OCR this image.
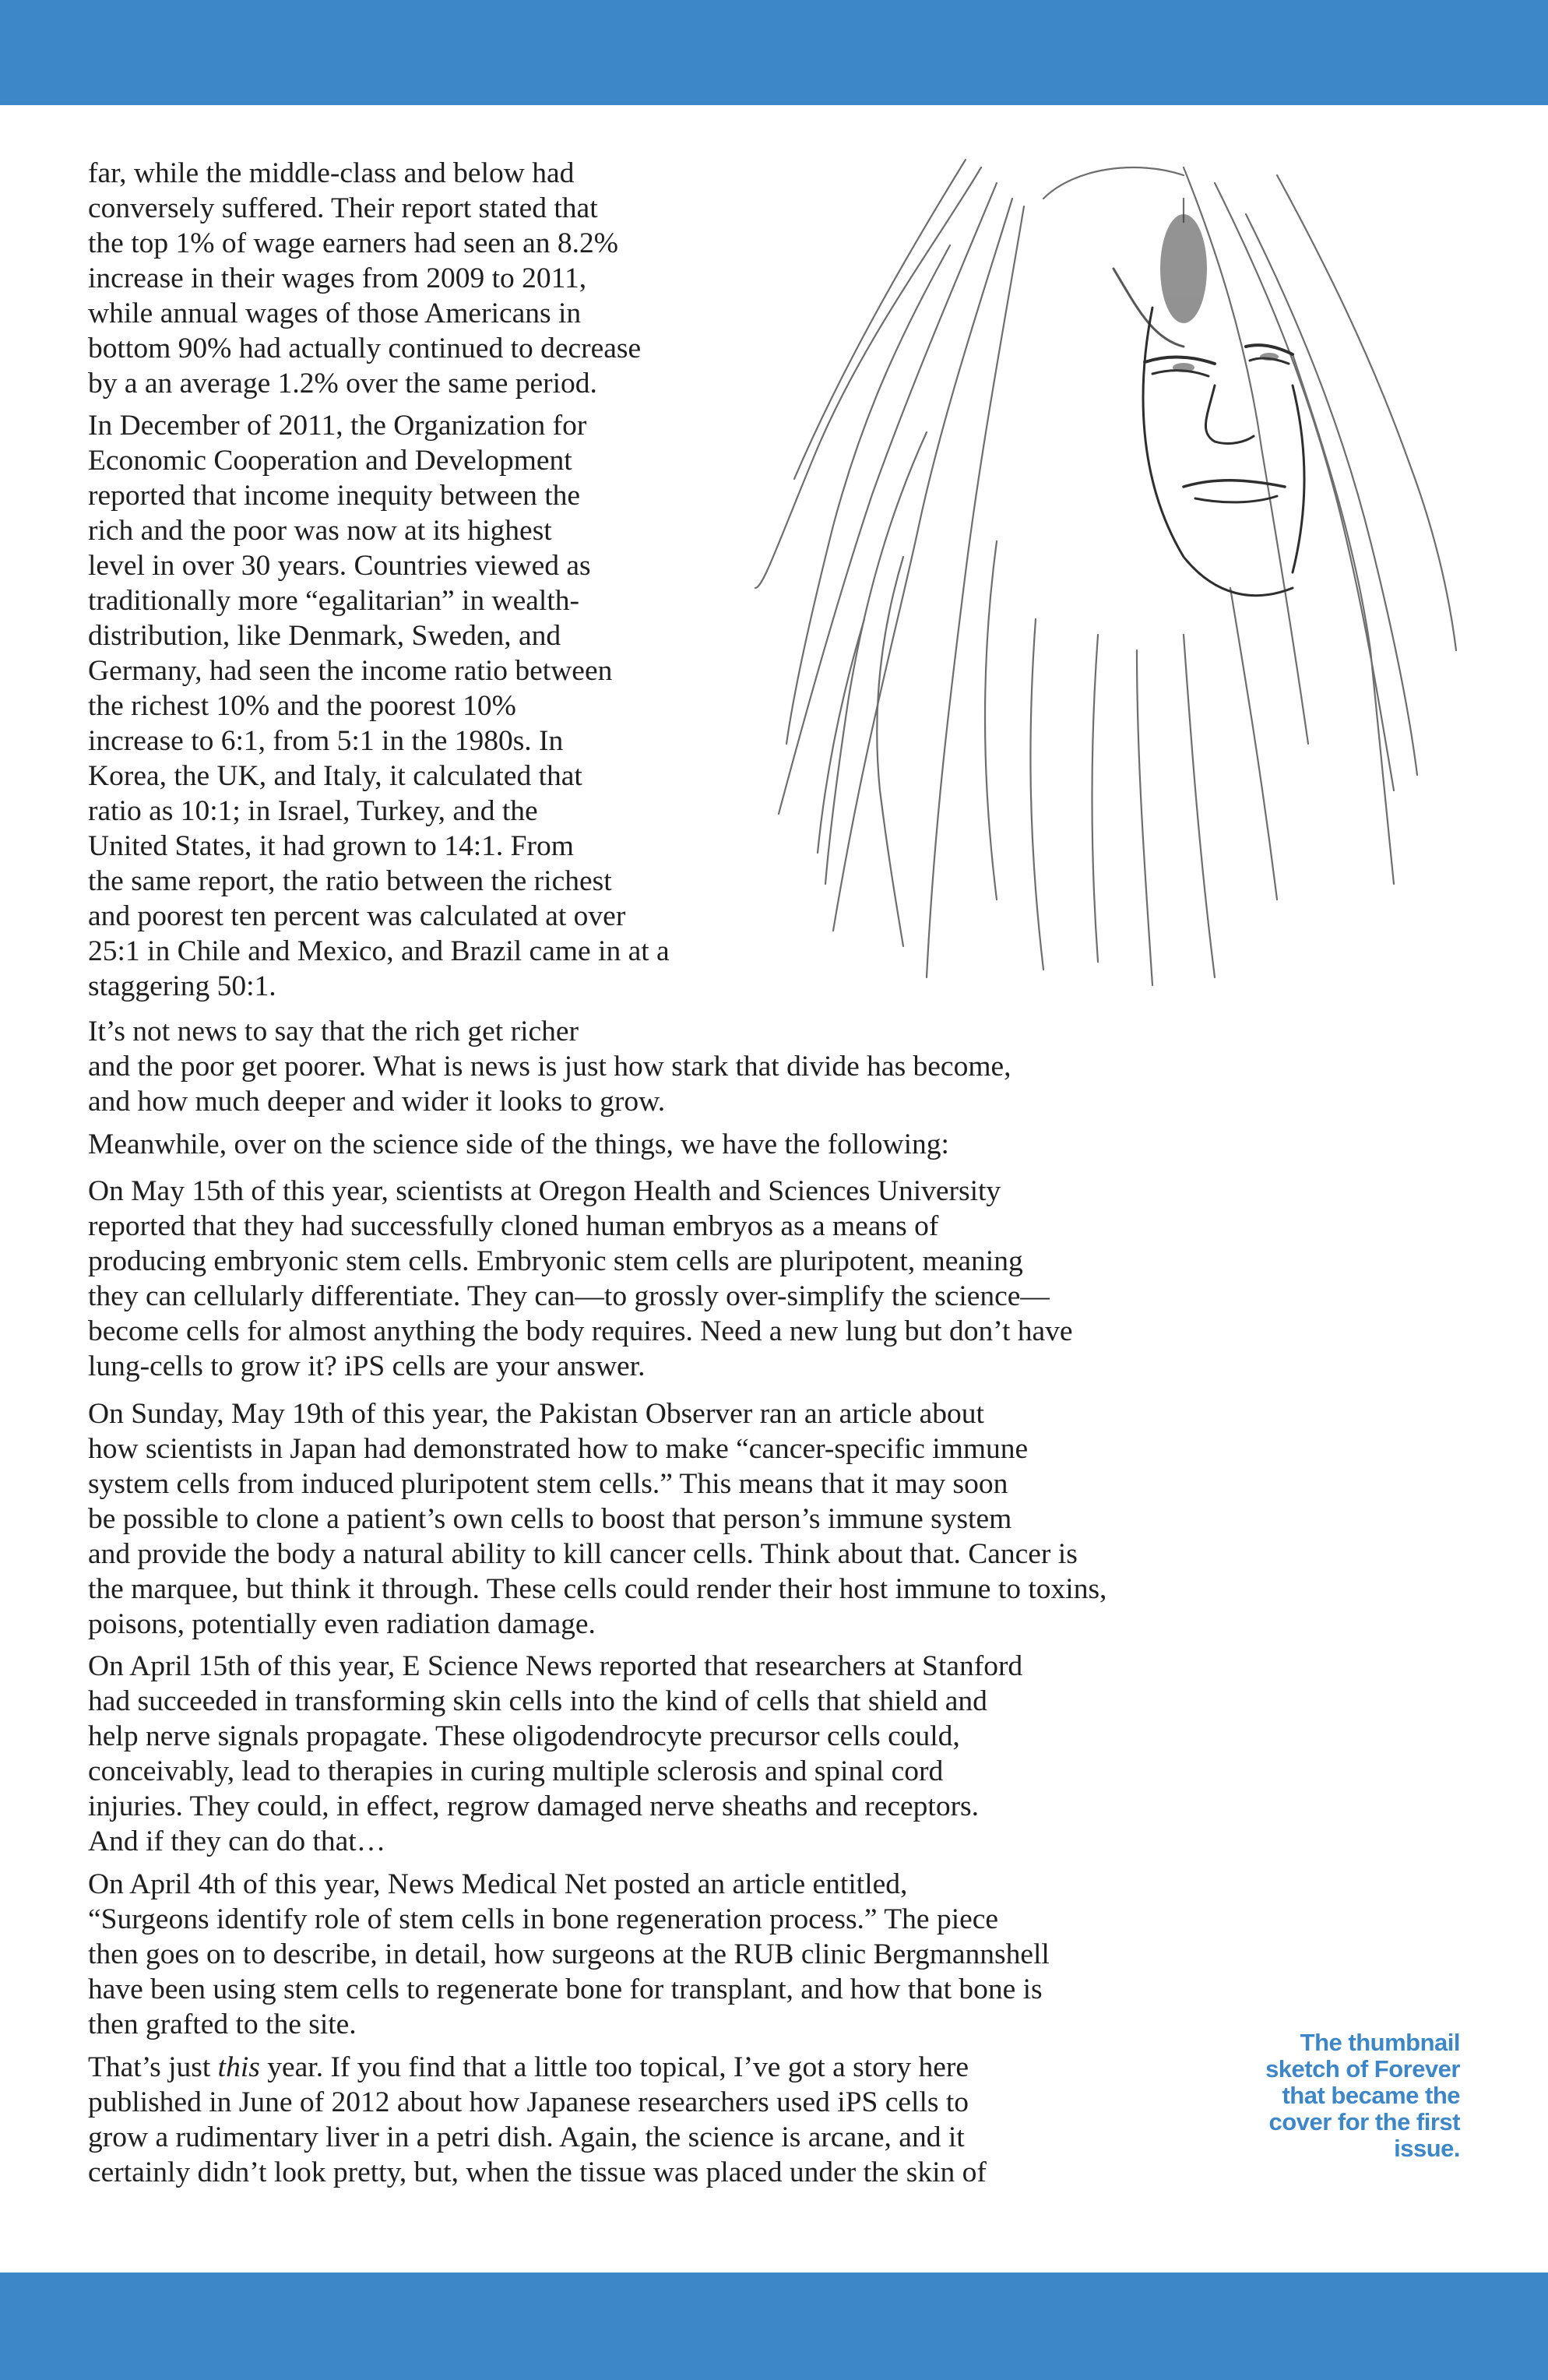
far, while the middle-class and below had
conversely suffered. Their report stated that
the top 1% of wage earners had seen an 8.2%
increase in their wages from 2009 to 2011,
while annual wages of those Americans in
bottom 90% had actually continued to decrease
by a an average 1.2% over the same period.
In December of 2011, the Organization for
Economic Cooperation and Development
reported that income inequity between the
rich and the poor was now at its highest
level in over 30 years. Countries viewed as
traditionally more “egalitarian” in wealth-
distribution, like Denmark, Sweden, and
Germany, had seen the income ratio between
the richest 10% and the poorest 10%
increase to 6:1, from 5:1 in the 1980s. In
Korea, the UK, and Italy, it calculated that
ratio as 10:1; in Israel, Turkey, and the
United States, it had grown to 14:1. From
the same report, the ratio between the richest
and poorest ten percent was calculated at over
25:1 in Chile and Mexico, and Brazil came in at a
staggering 50:1.
It’s not news to say that the rich get richer
and the poor get poorer. What is news is just how stark that divide has become,
and how much deeper and wider it looks to grow.
Meanwhile, over on the science side of the things, we have the following:
On May 15th of this year, scientists at Oregon Health and Sciences University
reported that they had successfully cloned human embryos as a means of
producing embryonic stem cells. Embryonic stem cells are pluripotent, meaning
they can cellularly differentiate. They can—to grossly over-simplify the science—
become cells for almost anything the body requires. Need a new lung but don’t have
lung-cells to grow it? iPS cells are your answer.
On Sunday, May 19th of this year, the Pakistan Observer ran an article about
how scientists in Japan had demonstrated how to make “cancer-specific immune
system cells from induced pluripotent stem cells.” This means that it may soon
be possible to clone a patient’s own cells to boost that person’s immune system
and provide the body a natural ability to kill cancer cells. Think about that. Cancer is
the marquee, but think it through. These cells could render their host immune to toxins,
poisons, potentially even radiation damage.
On April 15th of this year, E Science News reported that researchers at Stanford
had succeeded in transforming skin cells into the kind of cells that shield and
help nerve signals propagate. These oligodendrocyte precursor cells could,
conceivably, lead to therapies in curing multiple sclerosis and spinal cord
injuries. They could, in effect, regrow damaged nerve sheaths and receptors.
And if they can do that…
On April 4th of this year, News Medical Net posted an article entitled,
“Surgeons identify role of stem cells in bone regeneration process.” The piece
then goes on to describe, in detail, how surgeons at the RUB clinic Bergmannshell
have been using stem cells to regenerate bone for transplant, and how that bone is
then grafted to the site.
That’s just this year. If you find that a little too topical, I’ve got a story here
published in June of 2012 about how Japanese researchers used iPS cells to
grow a rudimentary liver in a petri dish. Again, the science is arcane, and it
certainly didn’t look pretty, but, when the tissue was placed under the skin of
The thumbnail
sketch of Forever
that became the
cover for the first
issue.
